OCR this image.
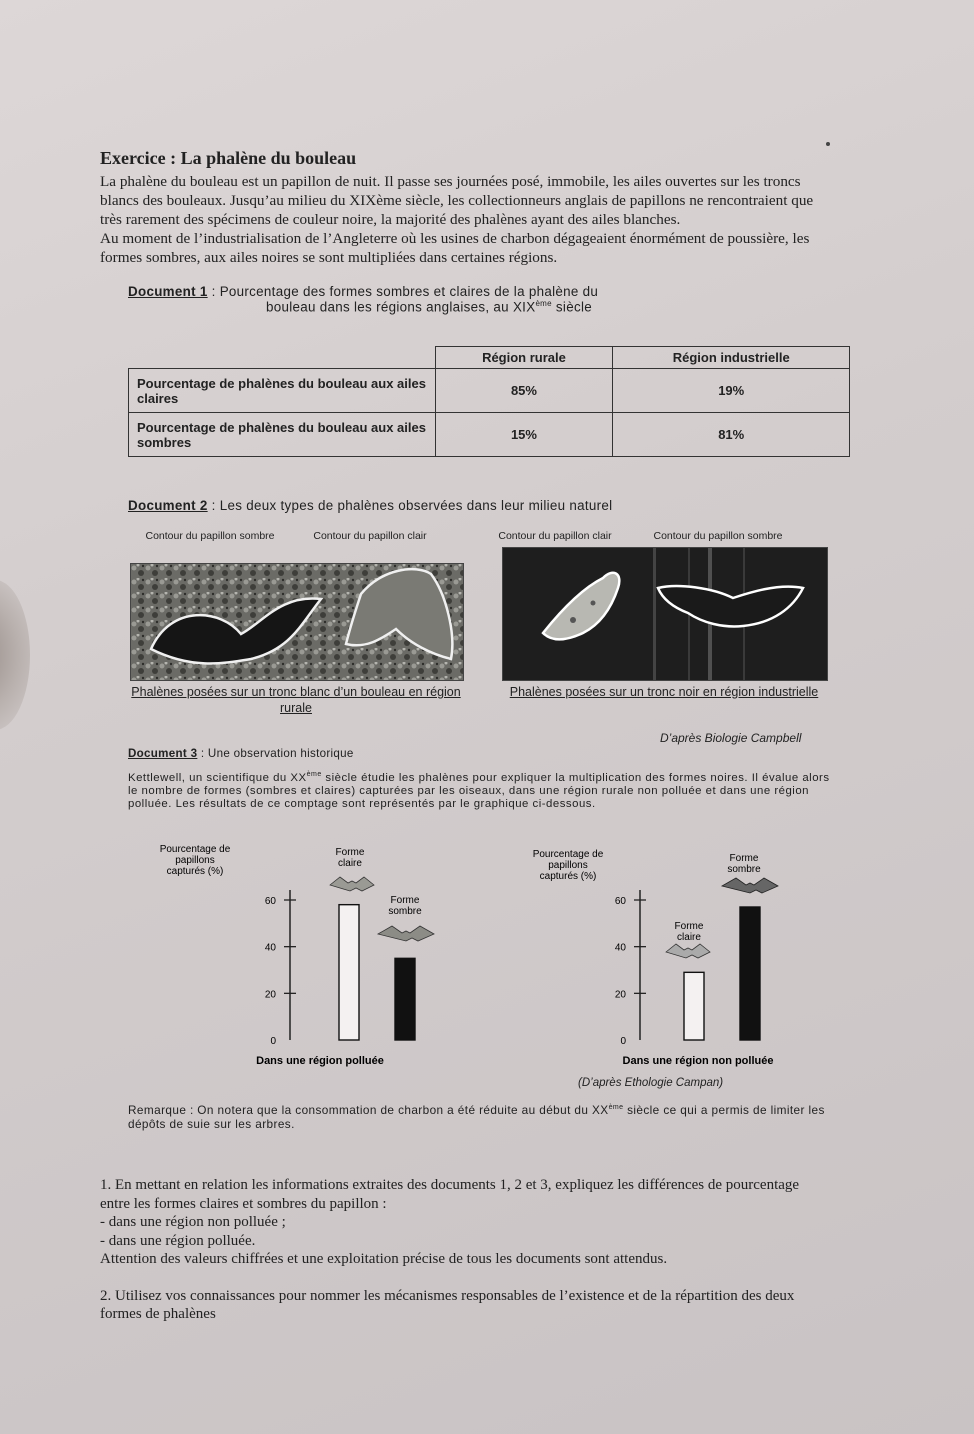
Exercice : La phalène du bouleau

La phalène du bouleau est un papillon de nuit. Il passe ses journées posé, immobile, les ailes ouvertes sur les troncs

blancs des bouleaux. Jusqu’au milieu du XIXème siècle, les collectionneurs anglais de papillons ne rencontraient que

très rarement des spécimens de couleur noire, la majorité des phalènes ayant des ailes blanches.

Au moment de l’industrialisation de l’Angleterre où les usines de charbon dégageaient énormément de poussière, les

formes sombres, aux ailes noires se sont multipliées dans certaines régions.

Document 1 : Pourcentage des formes sombres et claires de la phalène du
bouleau dans les régions anglaises, au XIXème siècle
	Région rurale	Région industrielle
Pourcentage de phalènes du bouleau aux ailes claires	85%	19%
Pourcentage de phalènes du bouleau aux ailes sombres	15%	81%
Document 2 : Les deux types de phalènes observées dans leur milieu naturel
Contour du papillon sombre	Contour du papillon clair	Contour du papillon clair	Contour du papillon sombre
Phalènes posées sur un tronc blanc d’un bouleau en région rurale
Phalènes posées sur un tronc noir en région industrielle
D’après Biologie Campbell
Document 3 : Une observation historique
Kettlewell, un scientifique du XXème siècle étudie les phalènes pour expliquer la multiplication des formes noires. Il évalue alors le nombre de formes (sombres et claires) capturées par les oiseaux, dans une région rurale non polluée et dans une région polluée. Les résultats de ce comptage sont représentés par le graphique ci-dessous.
Pourcentage de
papillons
capturés (%)
0
20
40
60
Forme
claire
Forme
sombre
Dans une région polluée
Pourcentage de
papillons
capturés (%)
0
20
40
60
Forme
sombre
Forme
claire
Dans une région non polluée
(D’après Ethologie Campan)
Remarque : On notera que la consommation de charbon a été réduite au début du XXème siècle ce qui a permis de limiter les dépôts de suie sur les arbres.

1. En mettant en relation les informations extraites des documents 1, 2 et 3, expliquez les différences de pourcentage

entre les formes claires et sombres du papillon :

- dans une région non polluée ;

- dans une région polluée.

Attention des valeurs chiffrées et une exploitation précise de tous les documents sont attendus.

2. Utilisez vos connaissances pour nommer les mécanismes responsables de l’existence et de la répartition des deux

formes de phalènes
